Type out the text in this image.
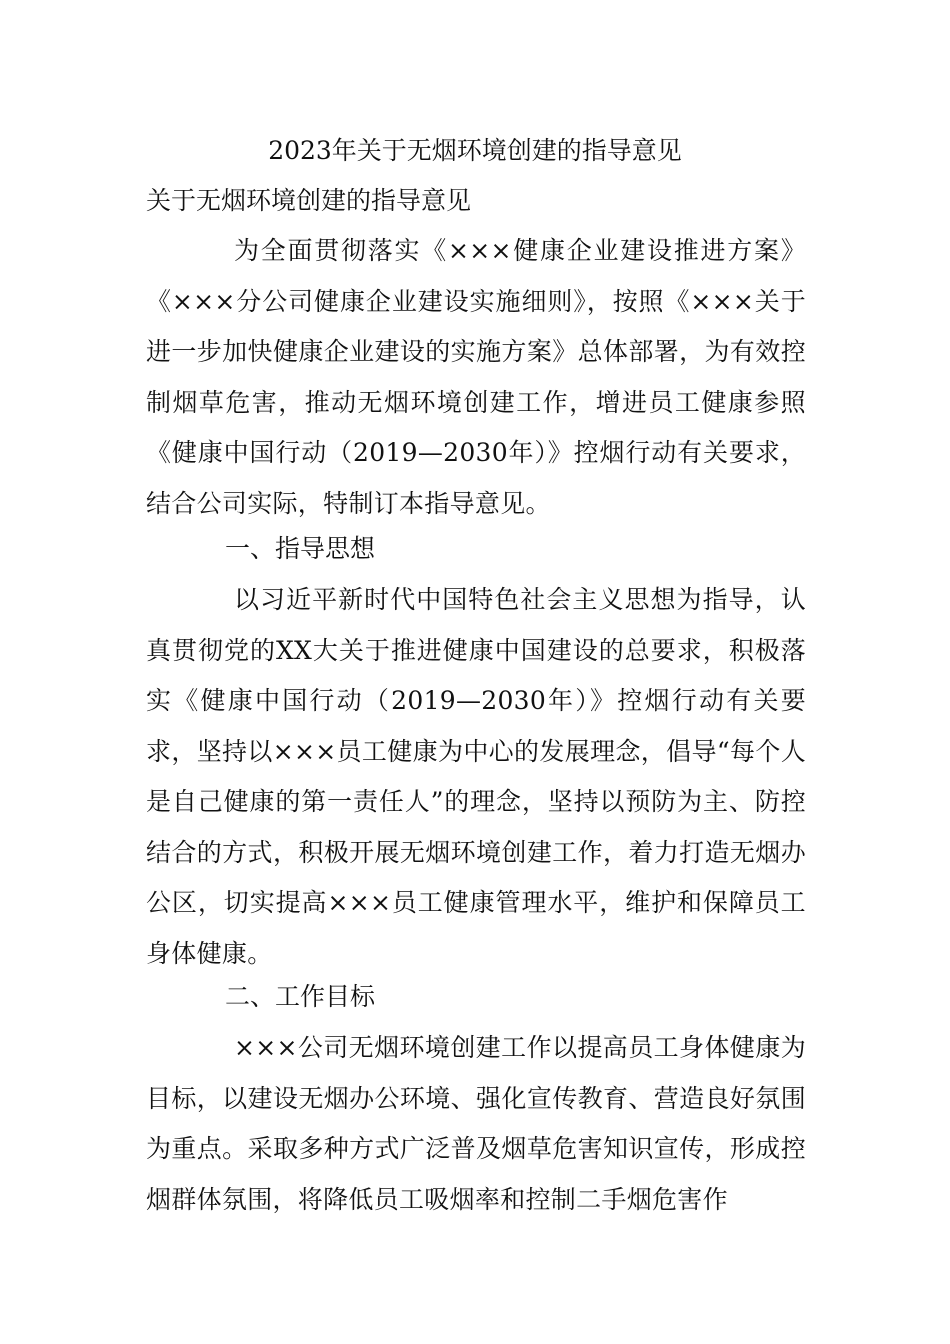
2023年关于无烟环境创建的指导意见

关于无烟环境创建的指导意见

为全面贯彻落实《×××健康企业建设推进方案》《×××分公司健康企业建设实施细则》，按照《×××关于进一步加快健康企业建设的实施方案》总体部署，为有效控制烟草危害，推动无烟环境创建工作，增进员工健康参照《健康中国行动（2019—2030年）》控烟行动有关要求，结合公司实际，特制订本指导意见。

一、指导思想

以习近平新时代中国特色社会主义思想为指导，认真贯彻党的XX大关于推进健康中国建设的总要求，积极落实《健康中国行动（2019—2030年）》控烟行动有关要求，坚持以×××员工健康为中心的发展理念，倡导“每个人是自己健康的第一责任人”的理念，坚持以预防为主、防控结合的方式，积极开展无烟环境创建工作，着力打造无烟办公区，切实提高×××员工健康管理水平，维护和保障员工身体健康。

二、工作目标

×××公司无烟环境创建工作以提高员工身体健康为目标，以建设无烟办公环境、强化宣传教育、营造良好氛围为重点。采取多种方式广泛普及烟草危害知识宣传，形成控烟群体氛围，将降低员工吸烟率和控制二手烟危害作
